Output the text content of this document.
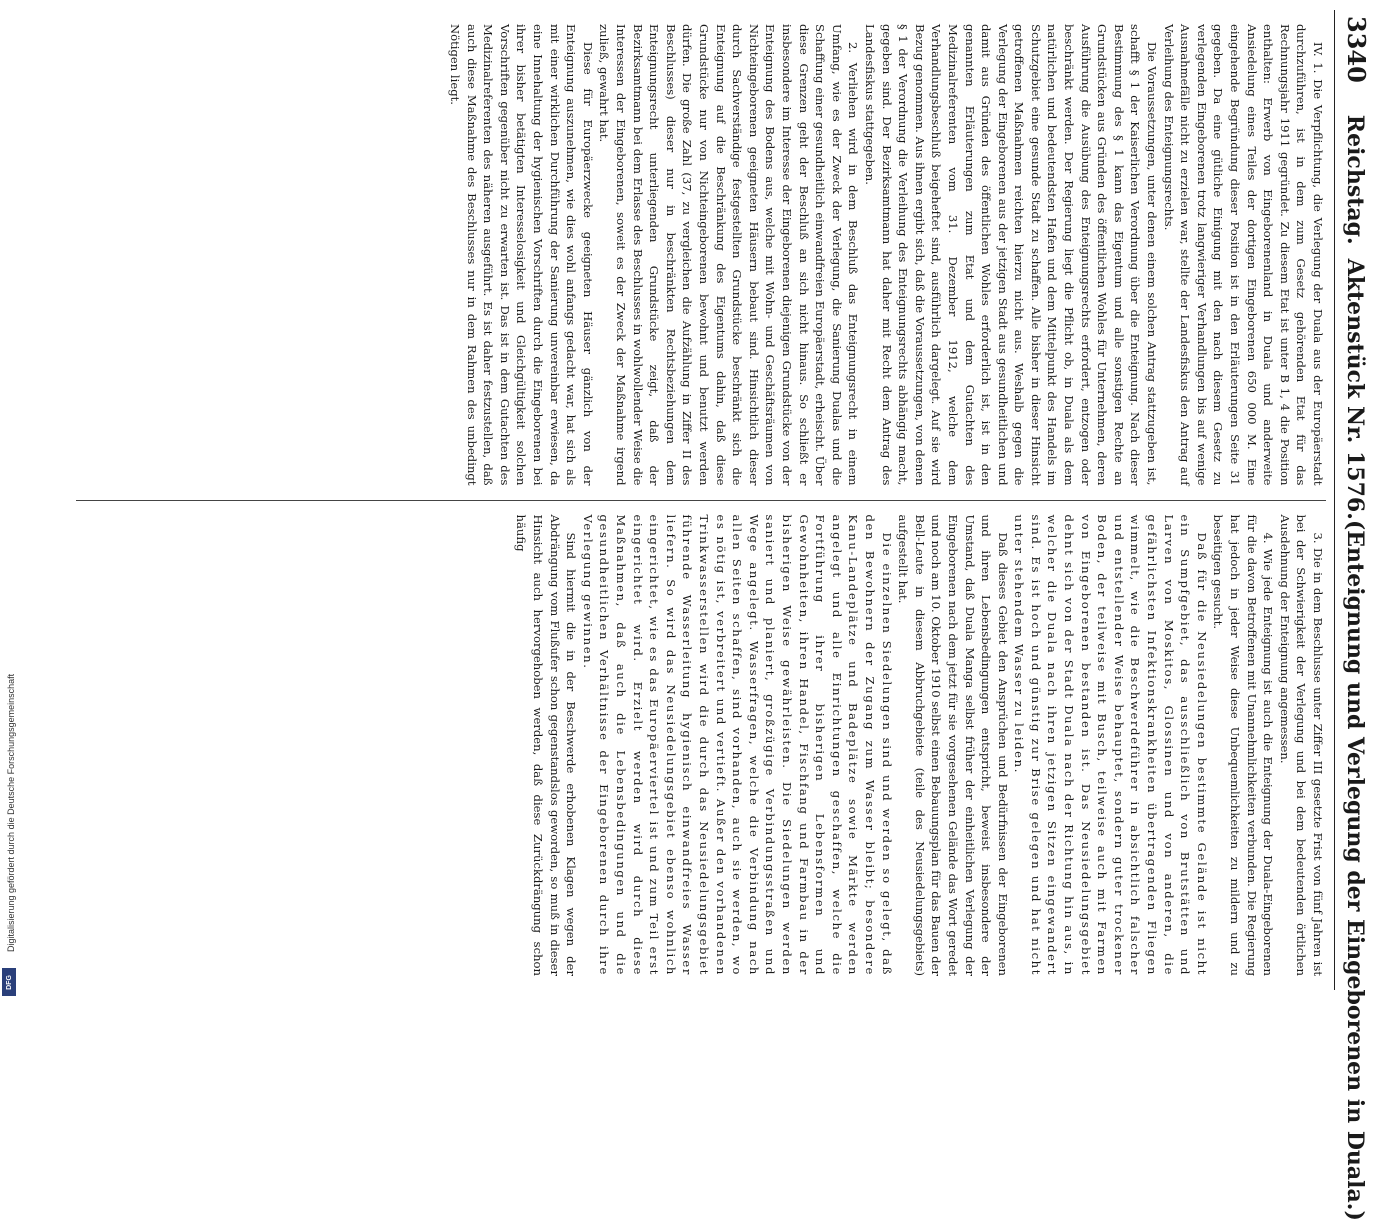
3340
Reichstag.
Aktenstück Nr. 1576.
(Enteignung und Verlegung der Eingeborenen in Duala.)

IV. 1. Die Verpflichtung, die Verlegung der Duala aus der Europäerstadt durchzuführen, ist in dem zum Gesetz gehörenden Etat für das Rechnungsjahr 1911 gegründet. Zu diesem Etat ist unter B 1, 4 die Position enthalten: Erwerb von Eingeborenenland in Duala und anderweite Ansiedelung eines Teiles der dortigen Eingeborenen 650 000 M. Eine eingehende Begründung dieser Position ist in den Erläuterungen Seite 31 gegeben. Da eine gütliche Einigung mit den nach diesem Gesetz zu verlegenden Eingeborenen trotz langwieriger Verhandlungen bis auf wenige Ausnahmefälle nicht zu erzielen war, stellte der Landesfiskus den Antrag auf Verleihung des Enteignungsrechts.

Die Voraussetzungen, unter denen einem solchen Antrag stattzugeben ist, schafft § 1 der Kaiserlichen Verordnung über die Enteignung. Nach dieser Bestimmung des § 1 kann das Eigentum und alle sonstigen Rechte an Grundstücken aus Gründen des öffentlichen Wohles für Unternehmen, deren Ausführung die Ausübung des Enteignungsrechts erfordert, entzogen oder beschränkt werden. Der Regierung liegt die Pflicht ob, in Duala als dem natürlichen und bedeutendsten Hafen und dem Mittelpunkt des Handels im Schutzgebiet eine gesunde Stadt zu schaffen. Alle bisher in dieser Hinsicht getroffenen Maßnahmen reichten hierzu nicht aus. Weshalb gegen die Verlegung der Eingeborenen aus der jetzigen Stadt aus gesundheitlichen und damit aus Gründen des öffentlichen Wohles erforderlich ist, ist in den genannten Erläuterungen zum Etat und dem Gutachten des Medizinalreferenten vom 31. Dezember 1912, welche dem Verhandlungsbeschluß beigeheftet sind, ausführlich dargelegt. Auf sie wird Bezug genommen. Aus ihnen ergibt sich, daß die Voraussetzungen, von denen § 1 der Verordnung die Verleihung des Enteignungsrechts abhängig macht, gegeben sind. Der Bezirksamtmann hat daher mit Recht dem Antrag des Landesfiskus stattgegeben.

2. Verliehen wird in dem Beschluß das Enteignungsrecht in einem Umfang, wie es der Zweck der Verlegung, die Sanierung Dualas und die Schaffung einer gesundheitlich einwandfreien Europäerstadt, erheischt. Über diese Grenzen geht der Beschluß an sich nicht hinaus. So schließt er insbesondere im Interesse der Eingeborenen diejenigen Grundstücke von der Enteignung des Bodens aus, welche mit Wohn- und Geschäftsräumen von Nichteingeborenen geeigneten Häusern bebaut sind. Hinsichtlich dieser durch Sachverständige festgestellten Grundstücke beschränkt sich die Enteignung auf die Beschränkung des Eigentums dahin, daß diese Grundstücke nur von Nichteingeborenen bewohnt und benutzt werden dürfen. Die große Zahl (37, zu vergleichen die Aufzählung in Ziffer II des Beschlusses) dieser nur in beschränkten Rechtsbeziehungen dem Enteignungsrecht unterliegenden Grundstücke zeigt, daß der Bezirksamtmann bei dem Erlasse des Beschlusses in wohlwollender Weise die Interessen der Eingeborenen, soweit es der Zweck der Maßnahme irgend zuließ, gewahrt hat.

Diese für Europäerzwecke geeigneten Häuser gänzlich von der Enteignung auszunehmen, wie dies wohl anfangs gedacht war, hat sich als mit einer wirklichen Durchführung der Sanierung unvereinbar erwiesen, da eine Innehaltung der hygienischen Vorschriften durch die Eingeborenen bei ihrer bisher betätigten Interesselosigkeit und Gleichgültigkeit solchen Vorschriften gegenüber nicht zu erwarten ist. Das ist in dem Gutachten des Medizinalreferenten des näheren ausgeführt. Es ist daher festzustellen, daß auch diese Maßnahme des Beschlusses nur in dem Rahmen des unbedingt Nötigen liegt.

3. Die in dem Beschlusse unter Ziffer III gesetzte Frist von fünf Jahren ist bei der Schwierigkeit der Verlegung und bei dem bedeutenden örtlichen Ausdehnung der Enteignung angemessen.

4. Wie jede Enteignung ist auch die Enteignung der Duala-Eingeborenen für die davon Betroffenen mit Unannehmlichkeiten verbunden. Die Regierung hat jedoch in jeder Weise diese Unbequemlichkeiten zu mildern und zu beseitigen gesucht.

Daß für die Neusiedelungen bestimmte Gelände ist nicht ein Sumpfgebiet, das ausschließlich von Brutstätten und Larven von Moskitos, Glossinen und von anderen, die gefährlichsten Infektionskrankheiten übertragenden Fliegen wimmelt, wie die Beschwerdeführer in absichtlich falscher und entstellender Weise behauptet, sondern guter trockener Boden, der teilweise mit Busch, teilweise auch mit Farmen von Eingeborenen bestanden ist. Das Neusiedelungsgebiet dehnt sich von der Stadt Duala nach der Richtung hin aus, in welcher die Duala nach ihren jetzigen Sitzen eingewandert sind. Es ist hoch und günstig zur Brise gelegen und hat nicht unter stehendem Wasser zu leiden.

Daß dieses Gebiet den Ansprüchen und Bedürfnissen der Eingeborenen und ihren Lebensbedingungen entspricht, beweist insbesondere der Umstand, daß Duala Manga selbst früher der einheitlichen Verlegung der Eingeborenen nach dem jetzt für sie vorgesehenen Gelände das Wort geredet und noch am 10. Oktober 1910 selbst einen Bebauungsplan für das Bauen der Bell-Leute in diesem Abbruchgebiete (teile des Neusiedelungsgebiets) aufgestellt hat.

Die einzelnen Siedelungen sind und werden so gelegt, daß den Bewohnern der Zugang zum Wasser bleibt; besondere Kanu-Landeplätze und Badeplätze sowie Märkte werden angelegt und alle Einrichtungen geschaffen, welche die Fortführung ihrer bisherigen Lebensformen und Gewohnheiten, ihren Handel, Fischfang und Farmbau in der bisherigen Weise gewährleisten. Die Siedelungen werden saniert und planiert, großzügige Verbindungsstraßen und Wege angelegt. Wasserfragen, welche die Verbindung nach allen Seiten schaffen, sind vorhanden, auch sie werden, wo es nötig ist, verbreitert und vertieft. Außer den vorhandenen Trinkwasserstellen wird die durch das Neusiedelungsgebiet führende Wasserleitung hygienisch einwandfreies Wasser liefern. So wird das Neusiedelungsgebiet ebenso wohnlich eingerichtet, wie es das Europäerviertel ist und zum Teil erst eingerichtet wird. Erzielt werden wird durch diese Maßnahmen, daß auch die Lebensbedingungen und die gesundheitlichen Verhältnisse der Eingeborenen durch ihre Verlegung gewinnen.

Sind hiermit die in der Beschwerde erhobenen Klagen wegen der Abdrängung vom Flußufer schon gegenstandslos geworden, so muß in dieser Hinsicht auch hervorgehoben werden, daß diese Zurückdrängung schon häufig

Digitalisierung gefördert durch die Deutsche Forschungsgemeinschaft
DFG
